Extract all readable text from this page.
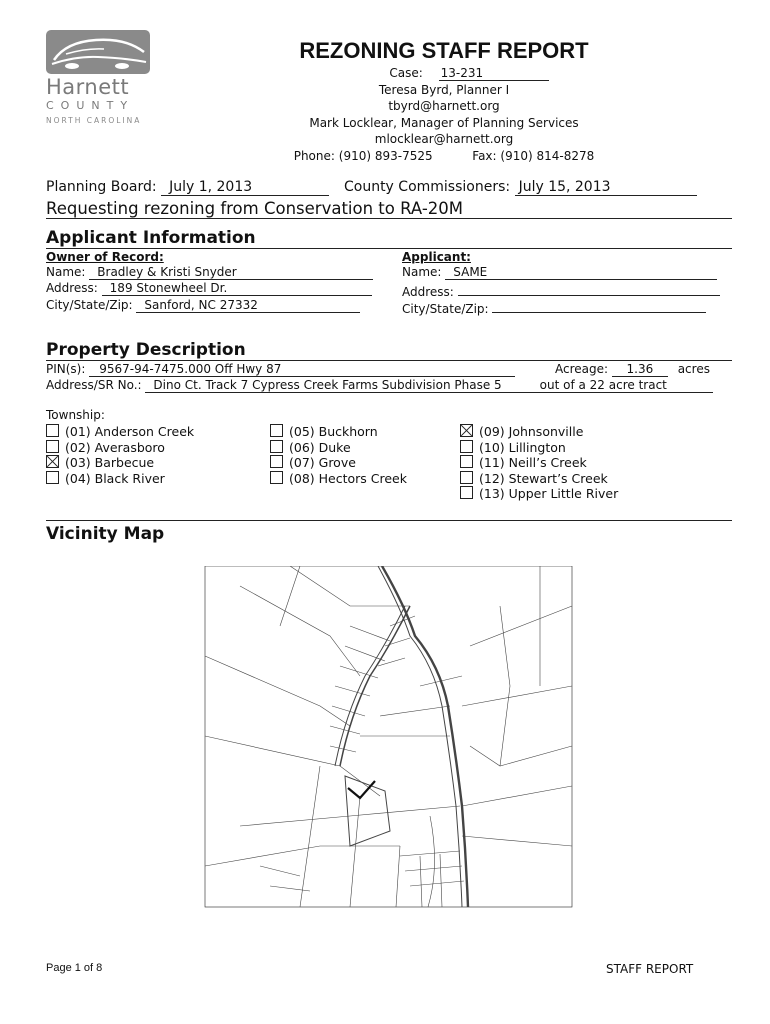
Harnett
COUNTY
NORTH CAROLINA
REZONING STAFF REPORT
Case: 13-231
Teresa Byrd, Planner I
tbyrd@harnett.org
Mark Locklear, Manager of Planning Services
mlocklear@harnett.org
Phone: (910) 893-7525	Fax: (910) 814-8278
Planning Board: July 1, 2013	County Commissioners: July 15, 2013
Requesting rezoning from Conservation to RA-20M
Applicant Information
Owner of Record:
Name: Bradley & Kristi Snyder
Address: 189 Stonewheel Dr.
City/State/Zip: Sanford, NC 27332
Applicant:
Name: SAME
Address:
City/State/Zip:
Property Description
PIN(s): 9567-94-7475.000 Off Hwy 87	Acreage: 1.36 acres
Address/SR No.: Dino Ct. Track 7 Cypress Creek Farms Subdivision Phase 5	out of a 22 acre tract
Township:
(01) Anderson Creek
(02) Averasboro
(03) Barbecue
(04) Black River
(05) Buckhorn
(06) Duke
(07) Grove
(08) Hectors Creek
(09) Johnsonville
(10) Lillington
(11) Neill’s Creek
(12) Stewart’s Creek
(13) Upper Little River
Vicinity Map
Page 1 of 8	STAFF REPORT
